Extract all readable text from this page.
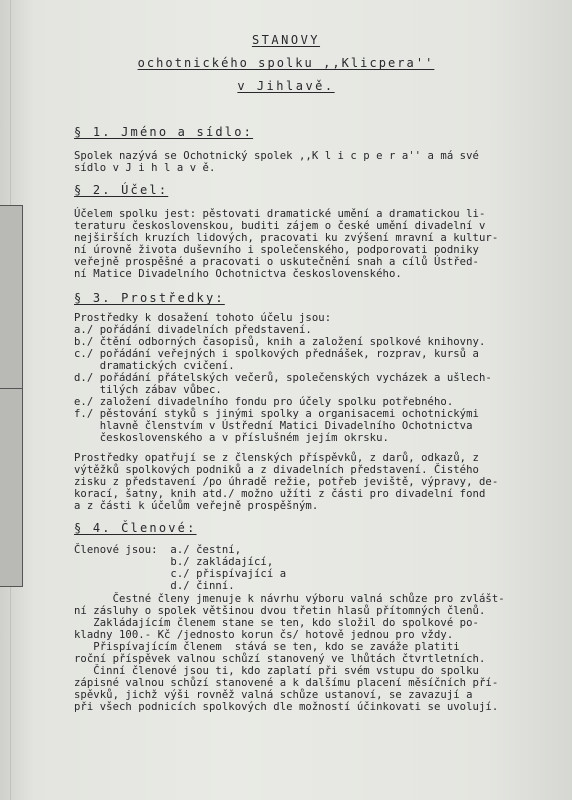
STANOVY
ochotnického spolku ,,Klicpera''
v Jihlavě.
§ 1. Jméno a sídlo:
Spolek nazývá se Ochotnický spolek ,,K l i c p e r a'' a má své
sídlo v J i h l a v ě.
§ 2. Účel:
Účelem spolku jest: pěstovati dramatické umění a dramatickou li-
teraturu československou, buditi zájem o české umění divadelní v
nejširších kruzích lidových, pracovati ku zvýšení mravní a kultur-
ní úrovně života duševního i společenského, podporovati podniky
veřejně prospěšné a pracovati o uskutečnění snah a cílů Ústřed-
ní Matice Divadelního Ochotnictva československého.
§ 3. Prostředky:
Prostředky k dosažení tohoto účelu jsou:
a./ pořádání divadelních představení.
b./ čtění odborných časopisů, knih a založení spolkové knihovny.
c./ pořádání veřejných i spolkových přednášek, rozprav, kursů a
dramatických cvičení.
d./ pořádání přátelských večerů, společenských vycházek a ušlech-
tilých zábav vůbec.
e./ založení divadelního fondu pro účely spolku potřebného.
f./ pěstování styků s jinými spolky a organisacemi ochotnickými
hlavně členstvím v Ústřední Matici Divadelního Ochotnictva
československého a v příslušném jejím okrsku.
Prostředky opatřují se z členských příspěvků, z darů, odkazů, z
výtěžků spolkových podniků a z divadelních představení. Čistého
zisku z představení /po úhradě režie, potřeb jeviště, výpravy, de-
korací, šatny, knih atd./ možno užíti z části pro divadelní fond
a z části k účelům veřejně prospěšným.
§ 4. Členové:
Členové jsou:  a./ čestní,
b./ zakládající,
c./ přispívající a
d./ činní.
Čestné členy jmenuje k návrhu výboru valná schůze pro zvlášt-
ní zásluhy o spolek většinou dvou třetin hlasů přítomných členů.
Zakládajícím členem stane se ten, kdo složil do spolkové po-
kladny 100.- Kč /jednosto korun čs/ hotově jednou pro vždy.
Přispívajícím členem  stává se ten, kdo se zaváže platiti
roční příspěvek valnou schůzí stanovený ve lhůtách čtvrtletních.
Činní členové jsou ti, kdo zaplatí při svém vstupu do spolku
zápisné valnou schůzí stanovené a k dalšímu placení měsíčních pří-
spěvků, jichž výši rovněž valná schůze ustanoví, se zavazují a
při všech podnicích spolkových dle možností účinkovati se uvolují.
